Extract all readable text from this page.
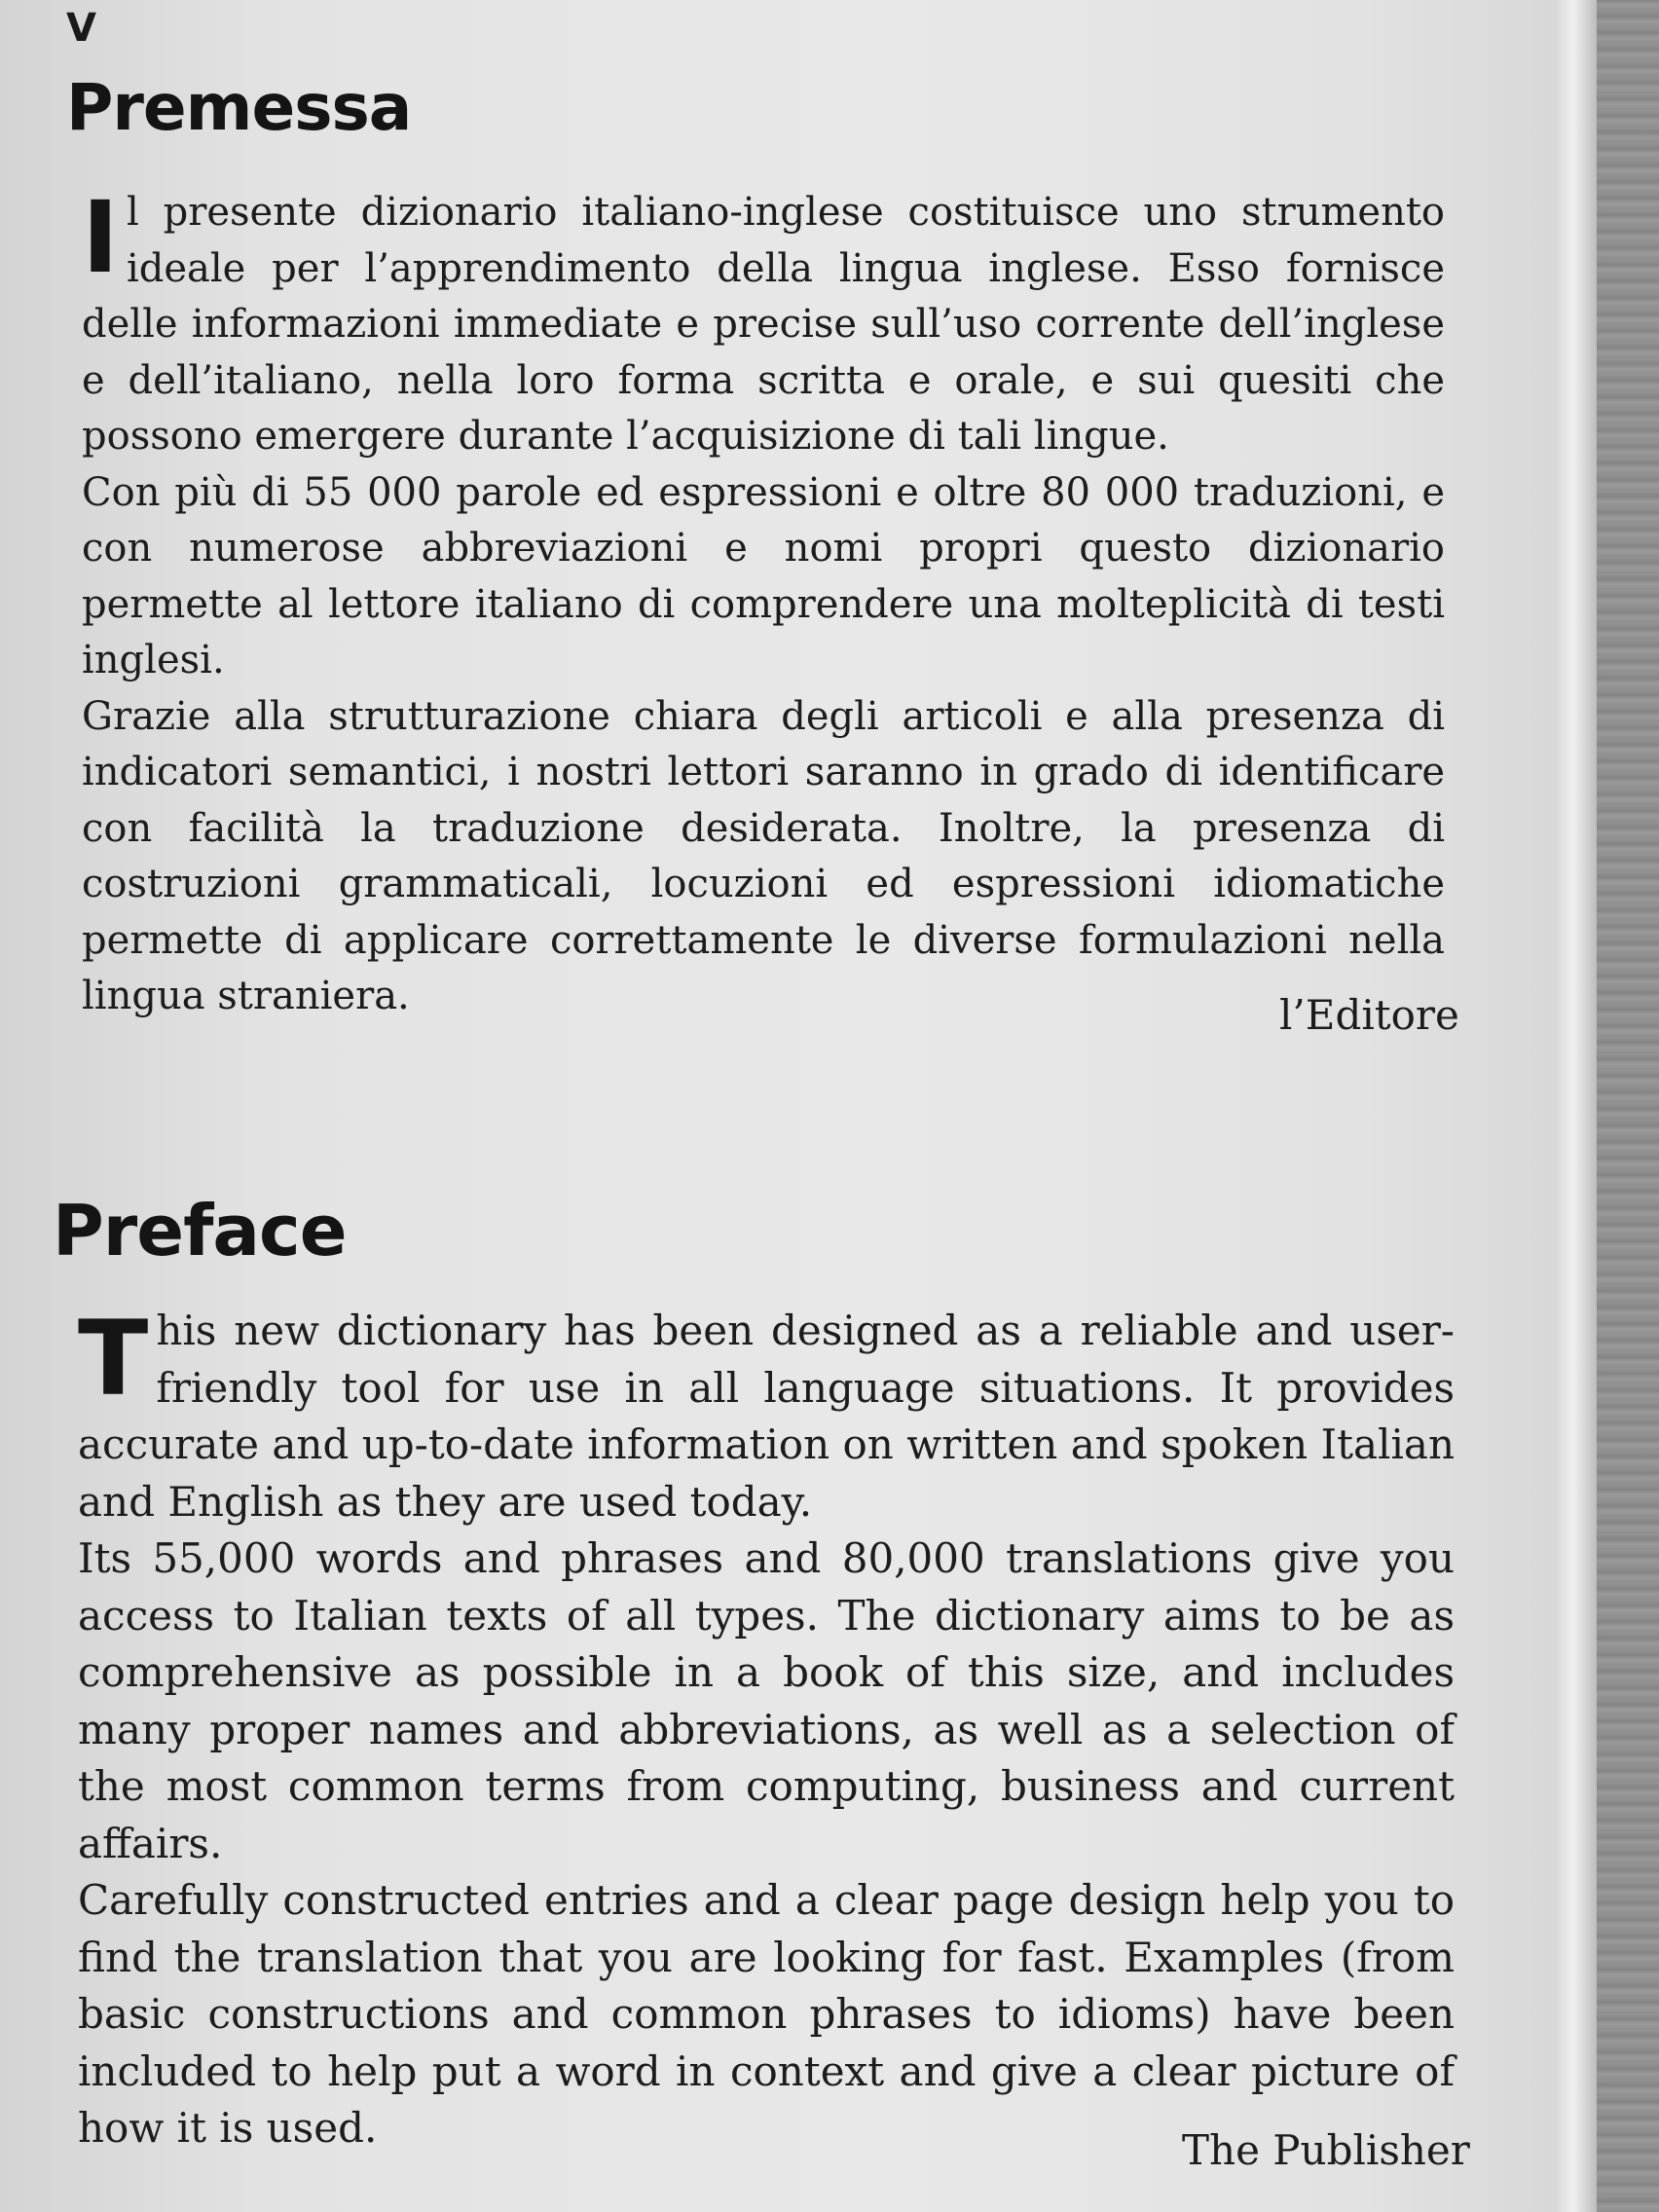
V
Premessa

Il presente dizionario italiano-inglese costituisce uno strumento ideale per l’apprendimento della lingua inglese. Esso fornisce delle informazioni immediate e precise sull’uso corrente dell’inglese e dell’italiano, nella loro forma scritta e orale, e sui quesiti che possono emergere durante l’acquisizione di tali lingue.

Con più di 55 000 parole ed espressioni e oltre 80 000 traduzioni, e con numerose abbreviazioni e nomi propri questo dizionario permette al lettore italiano di comprendere una molteplicità di testi inglesi.

Grazie alla strutturazione chiara degli articoli e alla presenza di indicatori semantici, i nostri lettori saranno in grado di identificare con facilità la traduzione desiderata. Inoltre, la presenza di costruzioni grammaticali, locuzioni ed espressioni idiomatiche permette di applicare correttamente le diverse formulazioni nella lingua straniera.	l’Editore
Preface

This new dictionary has been designed as a reliable and user-friendly tool for use in all language situations. It provides accurate and up-to-date information on written and spoken Italian and English as they are used today.

Its 55,000 words and phrases and 80,000 translations give you access to Italian texts of all types. The dictionary aims to be as comprehensive as possible in a book of this size, and includes many proper names and abbreviations, as well as a selection of the most common terms from computing, business and current affairs.

Carefully constructed entries and a clear page design help you to find the translation that you are looking for fast. Examples (from basic constructions and common phrases to idioms) have been included to help put a word in context and give a clear picture of how it is used.	The Publisher
